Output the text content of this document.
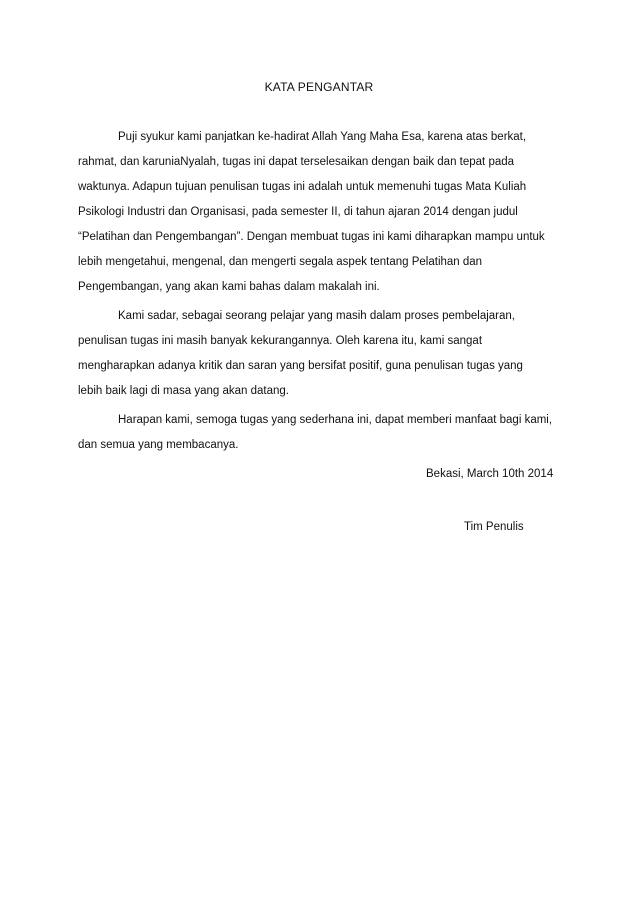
KATA PENGANTAR
Puji syukur kami panjatkan ke-hadirat Allah Yang Maha Esa, karena atas berkat,
rahmat, dan karuniaNyalah, tugas ini dapat terselesaikan dengan baik dan tepat pada
waktunya. Adapun tujuan penulisan tugas ini adalah untuk memenuhi tugas Mata Kuliah
Psikologi Industri dan Organisasi, pada semester II, di tahun ajaran 2014 dengan judul
“Pelatihan dan Pengembangan”. Dengan membuat tugas ini kami diharapkan mampu untuk
lebih mengetahui, mengenal, dan mengerti segala aspek tentang Pelatihan dan
Pengembangan, yang akan kami bahas dalam makalah ini.
Kami sadar, sebagai seorang pelajar yang masih dalam proses pembelajaran,
penulisan tugas ini masih banyak kekurangannya. Oleh karena itu, kami sangat
mengharapkan adanya kritik dan saran yang bersifat positif, guna penulisan tugas yang
lebih baik lagi di masa yang akan datang.
Harapan kami, semoga tugas yang sederhana ini, dapat memberi manfaat bagi kami,
dan semua yang membacanya.
Bekasi, March 10th 2014
Tim Penulis
